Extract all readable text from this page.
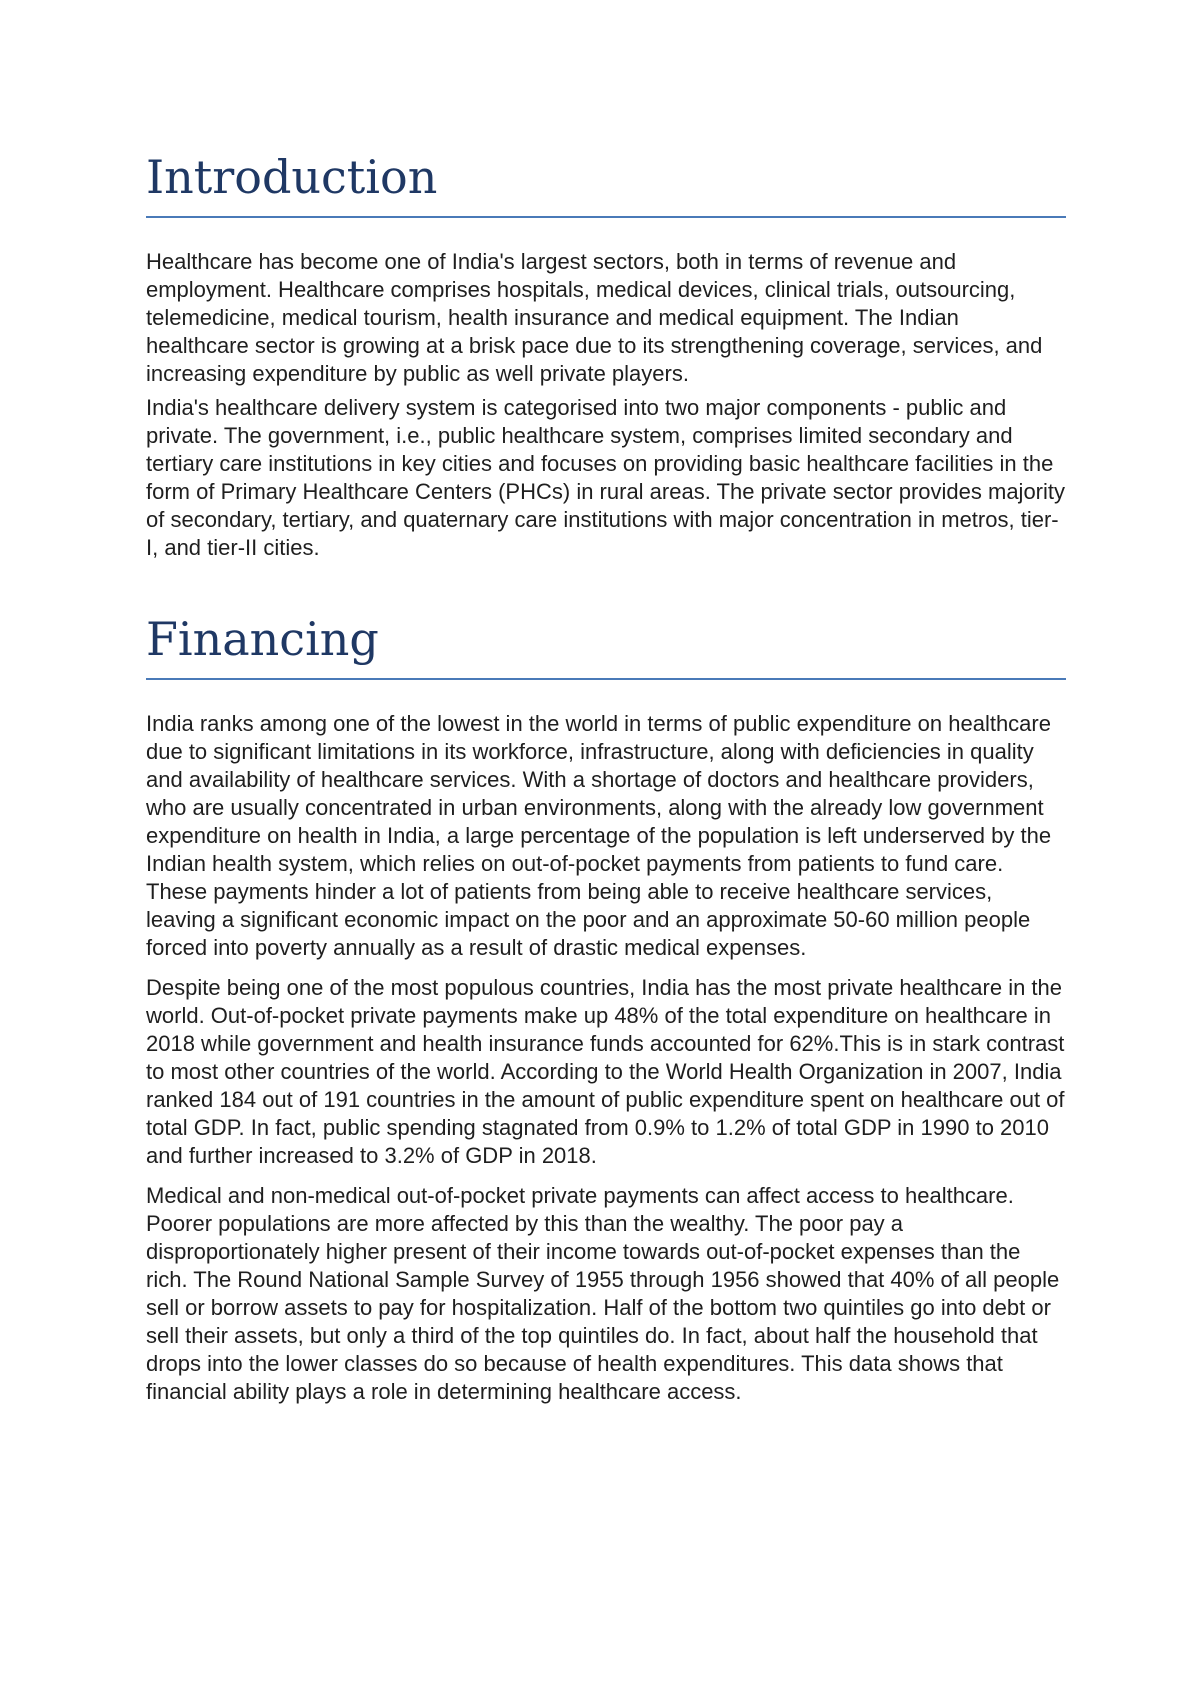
Introduction

Healthcare has become one of India's largest sectors, both in terms of revenue and employment. Healthcare comprises hospitals, medical devices, clinical trials, outsourcing, telemedicine, medical tourism, health insurance and medical equipment. The Indian healthcare sector is growing at a brisk pace due to its strengthening coverage, services, and increasing expenditure by public as well private players.

India's healthcare delivery system is categorised into two major components - public and private. The government, i.e., public healthcare system, comprises limited secondary and tertiary care institutions in key cities and focuses on providing basic healthcare facilities in the form of Primary Healthcare Centers (PHCs) in rural areas. The private sector provides majority of secondary, tertiary, and quaternary care institutions with major concentration in metros, tier-I, and tier-II cities.

Financing

India ranks among one of the lowest in the world in terms of public expenditure on healthcare due to significant limitations in its workforce, infrastructure, along with deficiencies in quality and availability of healthcare services. With a shortage of doctors and healthcare providers, who are usually concentrated in urban environments, along with the already low government expenditure on health in India, a large percentage of the population is left underserved by the Indian health system, which relies on out-of-pocket payments from patients to fund care. These payments hinder a lot of patients from being able to receive healthcare services, leaving a significant economic impact on the poor and an approximate 50-60 million people forced into poverty annually as a result of drastic medical expenses.

Despite being one of the most populous countries, India has the most private healthcare in the world. Out-of-pocket private payments make up 48% of the total expenditure on healthcare in 2018 while government and health insurance funds accounted for 62%.This is in stark contrast to most other countries of the world. According to the World Health Organization in 2007, India ranked 184 out of 191 countries in the amount of public expenditure spent on healthcare out of total GDP. In fact, public spending stagnated from 0.9% to 1.2% of total GDP in 1990 to 2010 and further increased to 3.2% of GDP in 2018.

Medical and non-medical out-of-pocket private payments can affect access to healthcare. Poorer populations are more affected by this than the wealthy. The poor pay a disproportionately higher present of their income towards out-of-pocket expenses than the rich. The Round National Sample Survey of 1955 through 1956 showed that 40% of all people sell or borrow assets to pay for hospitalization. Half of the bottom two quintiles go into debt or sell their assets, but only a third of the top quintiles do. In fact, about half the household that drops into the lower classes do so because of health expenditures. This data shows that financial ability plays a role in determining healthcare access.
